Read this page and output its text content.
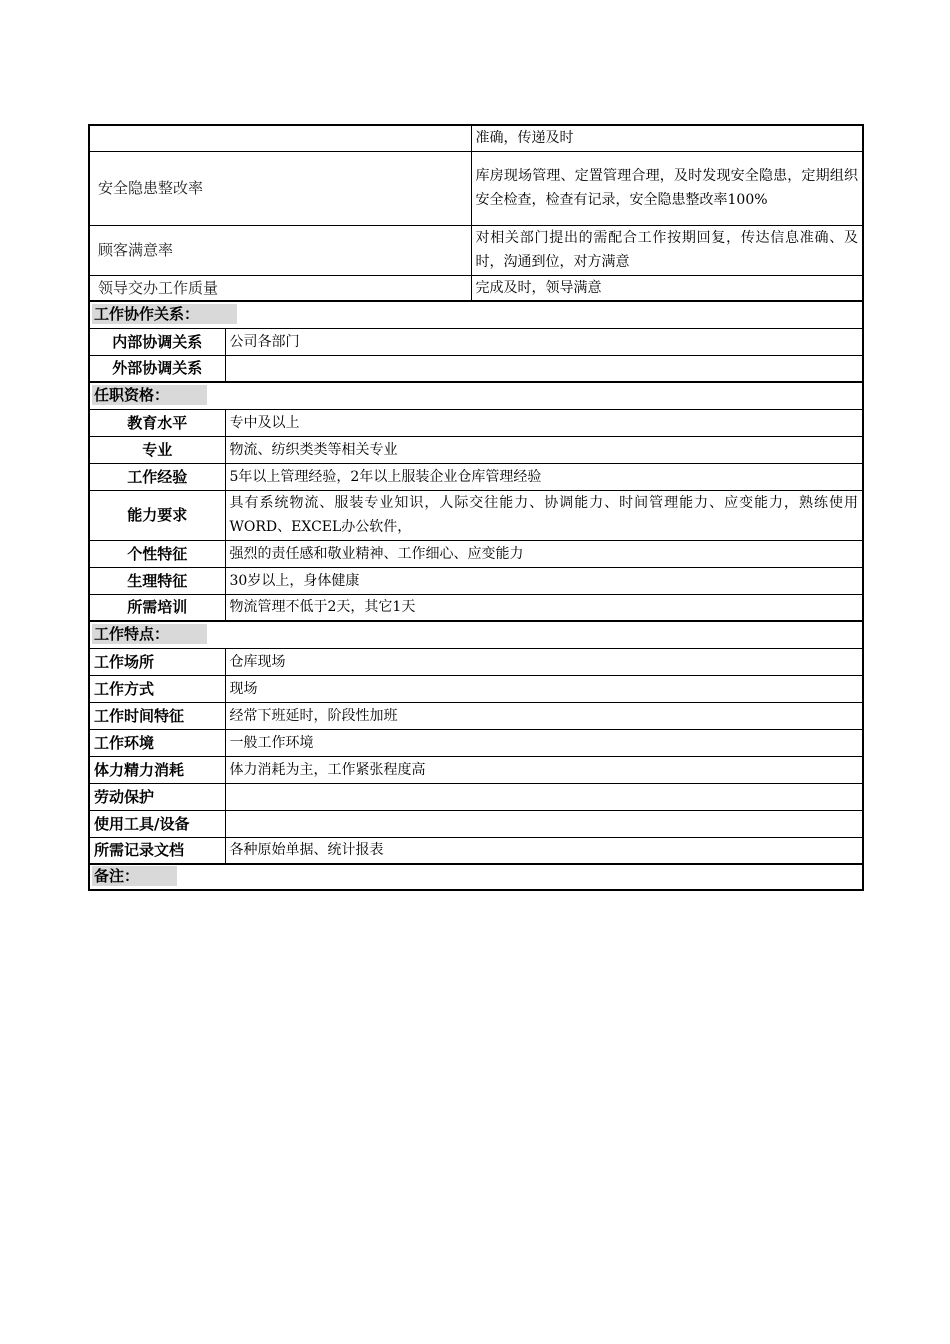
		准确，传递及时
安全隐患整改率		库房现场管理、定置管理合理，及时发现安全隐患，定期组织安全检查，检查有记录，安全隐患整改率100%
顾客满意率		对相关部门提出的需配合工作按期回复，传达信息准确、及时，沟通到位，对方满意
领导交办工作质量		完成及时，领导满意
工作协作关系：		
内部协调关系	公司各部门	
外部协调关系		
任职资格：		
教育水平	专中及以上	
专业	物流、纺织类类等相关专业	
工作经验	5年以上管理经验，2年以上服装企业仓库管理经验	
能力要求	具有系统物流、服装专业知识，人际交往能力、协调能力、时间管理能力、应变能力，熟练使用WORD、EXCEL办公软件，	
个性特征	强烈的责任感和敬业精神、工作细心、应变能力	
生理特征	30岁以上，身体健康	
所需培训	物流管理不低于2天，其它1天	
工作特点：		
工作场所	仓库现场	
工作方式	现场	
工作时间特征	经常下班延时，阶段性加班	
工作环境	一般工作环境	
体力精力消耗	体力消耗为主，工作紧张程度高	
劳动保护		
使用工具/设备		
所需记录文档	各种原始单据、统计报表	
备注：		
